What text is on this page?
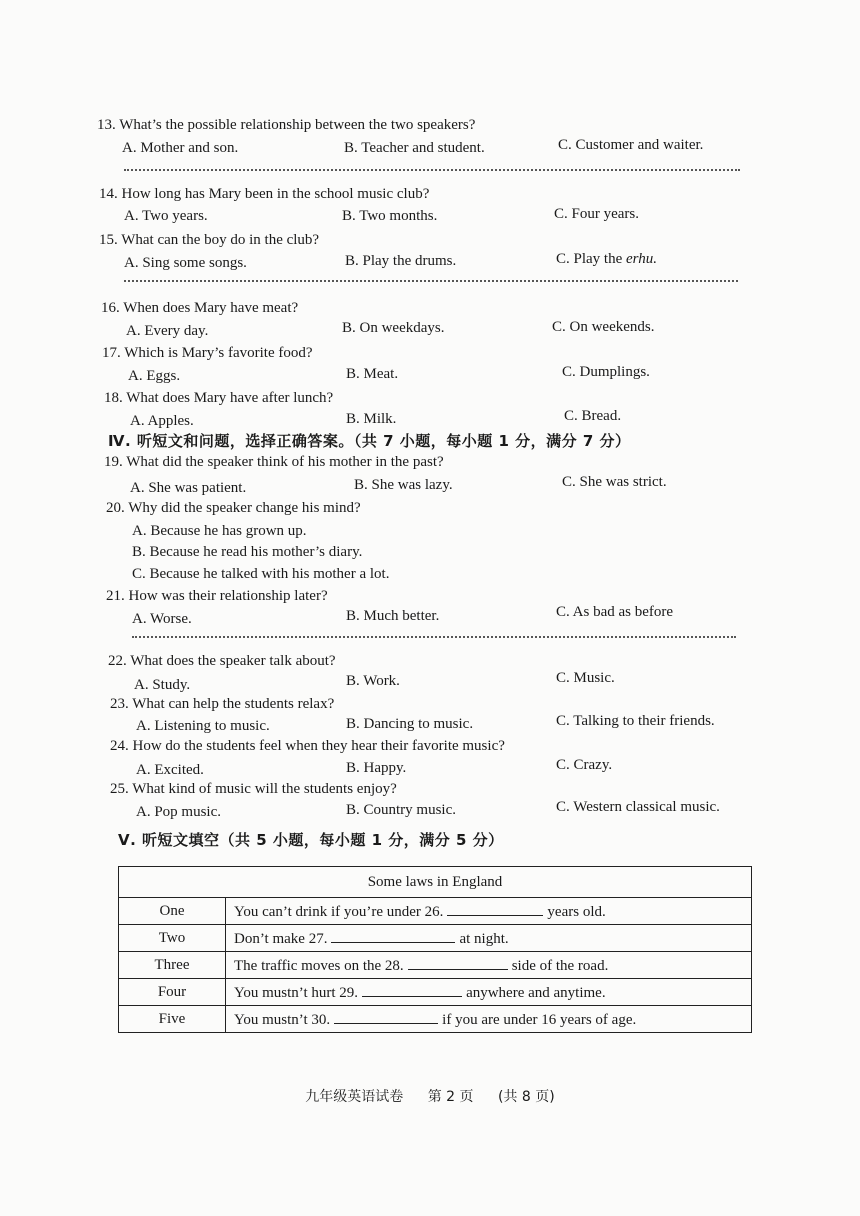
13. What’s the possible relationship between the two speakers?
A. Mother and son.	B. Teacher and student.	C. Customer and waiter.
14. How long has Mary been in the school music club?
A. Two years.	B. Two months.	C. Four years.
15. What can the boy do in the club?
A. Sing some songs.	B. Play the drums.	C. Play the erhu.
16. When does Mary have meat?
A. Every day.	B. On weekdays.	C. On weekends.
17. Which is Mary’s favorite food?
A. Eggs.	B. Meat.	C. Dumplings.
18. What does Mary have after lunch?
A. Apples.	B. Milk.	C. Bread.
Ⅳ. 听短文和问题，选择正确答案。（共 7 小题，每小题 1 分，满分 7 分）
19. What did the speaker think of his mother in the past?
A. She was patient.	B. She was lazy.	C. She was strict.
20. Why did the speaker change his mind?
A. Because he has grown up.
B. Because he read his mother’s diary.
C. Because he talked with his mother a lot.
21. How was their relationship later?
A. Worse.	B. Much better.	C. As bad as before
22. What does the speaker talk about?
A. Study.	B. Work.	C. Music.
23. What can help the students relax?
A. Listening to music.	B. Dancing to music.	C. Talking to their friends.
24. How do the students feel when they hear their favorite music?
A. Excited.	B. Happy.	C. Crazy.
25. What kind of music will the students enjoy?
A. Pop music.	B. Country music.	C. Western classical music.
Ⅴ. 听短文填空（共 5 小题，每小题 1 分，满分 5 分）
Some laws in England	
One	You can’t drink if you’re under 26. years old.
Two	Don’t make 27. at night.
Three	The traffic moves on the 28. side of the road.
Four	You mustn’t hurt 29. anywhere and anytime.
Five	You mustn’t 30. if you are under 16 years of age.
九年级英语试卷 第 2 页 (共 8 页)
